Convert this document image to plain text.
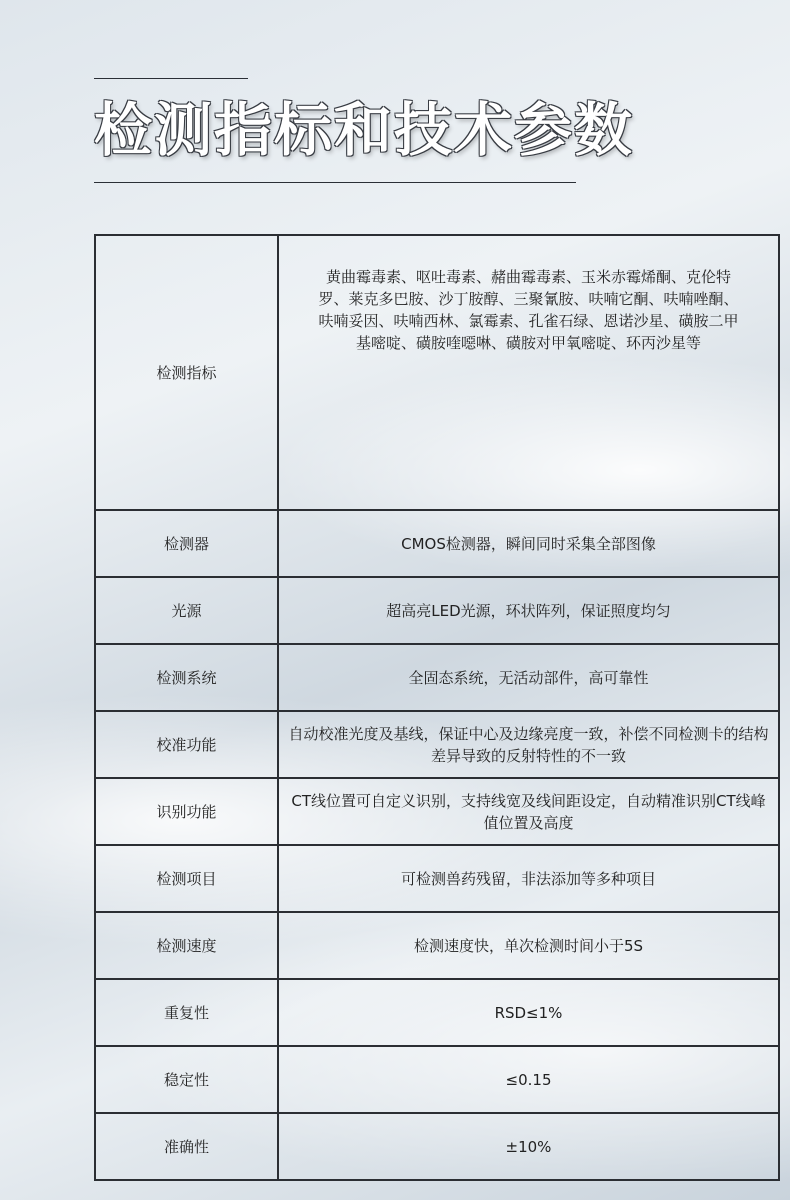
检测指标和技术参数
检测指标	黄曲霉毒素、呕吐毒素、赭曲霉毒素、玉米赤霉烯酮、克伦特罗、莱克多巴胺、沙丁胺醇、三聚氰胺、呋喃它酮、呋喃唑酮、呋喃妥因、呋喃西林、氯霉素、孔雀石绿、恩诺沙星、磺胺二甲基嘧啶、磺胺喹噁啉、磺胺对甲氧嘧啶、环丙沙星等
检测器	CMOS检测器，瞬间同时采集全部图像
光源	超高亮LED光源，环状阵列，保证照度均匀
检测系统	全固态系统，无活动部件，高可靠性
校准功能	自动校准光度及基线，保证中心及边缘亮度一致，补偿不同检测卡的结构差异导致的反射特性的不一致
识别功能	CT线位置可自定义识别，支持线宽及线间距设定，自动精准识别CT线峰值位置及高度
检测项目	可检测兽药残留，非法添加等多种项目
检测速度	检测速度快，单次检测时间小于5S
重复性	RSD≤1%
稳定性	≤0.15
准确性	±10%
